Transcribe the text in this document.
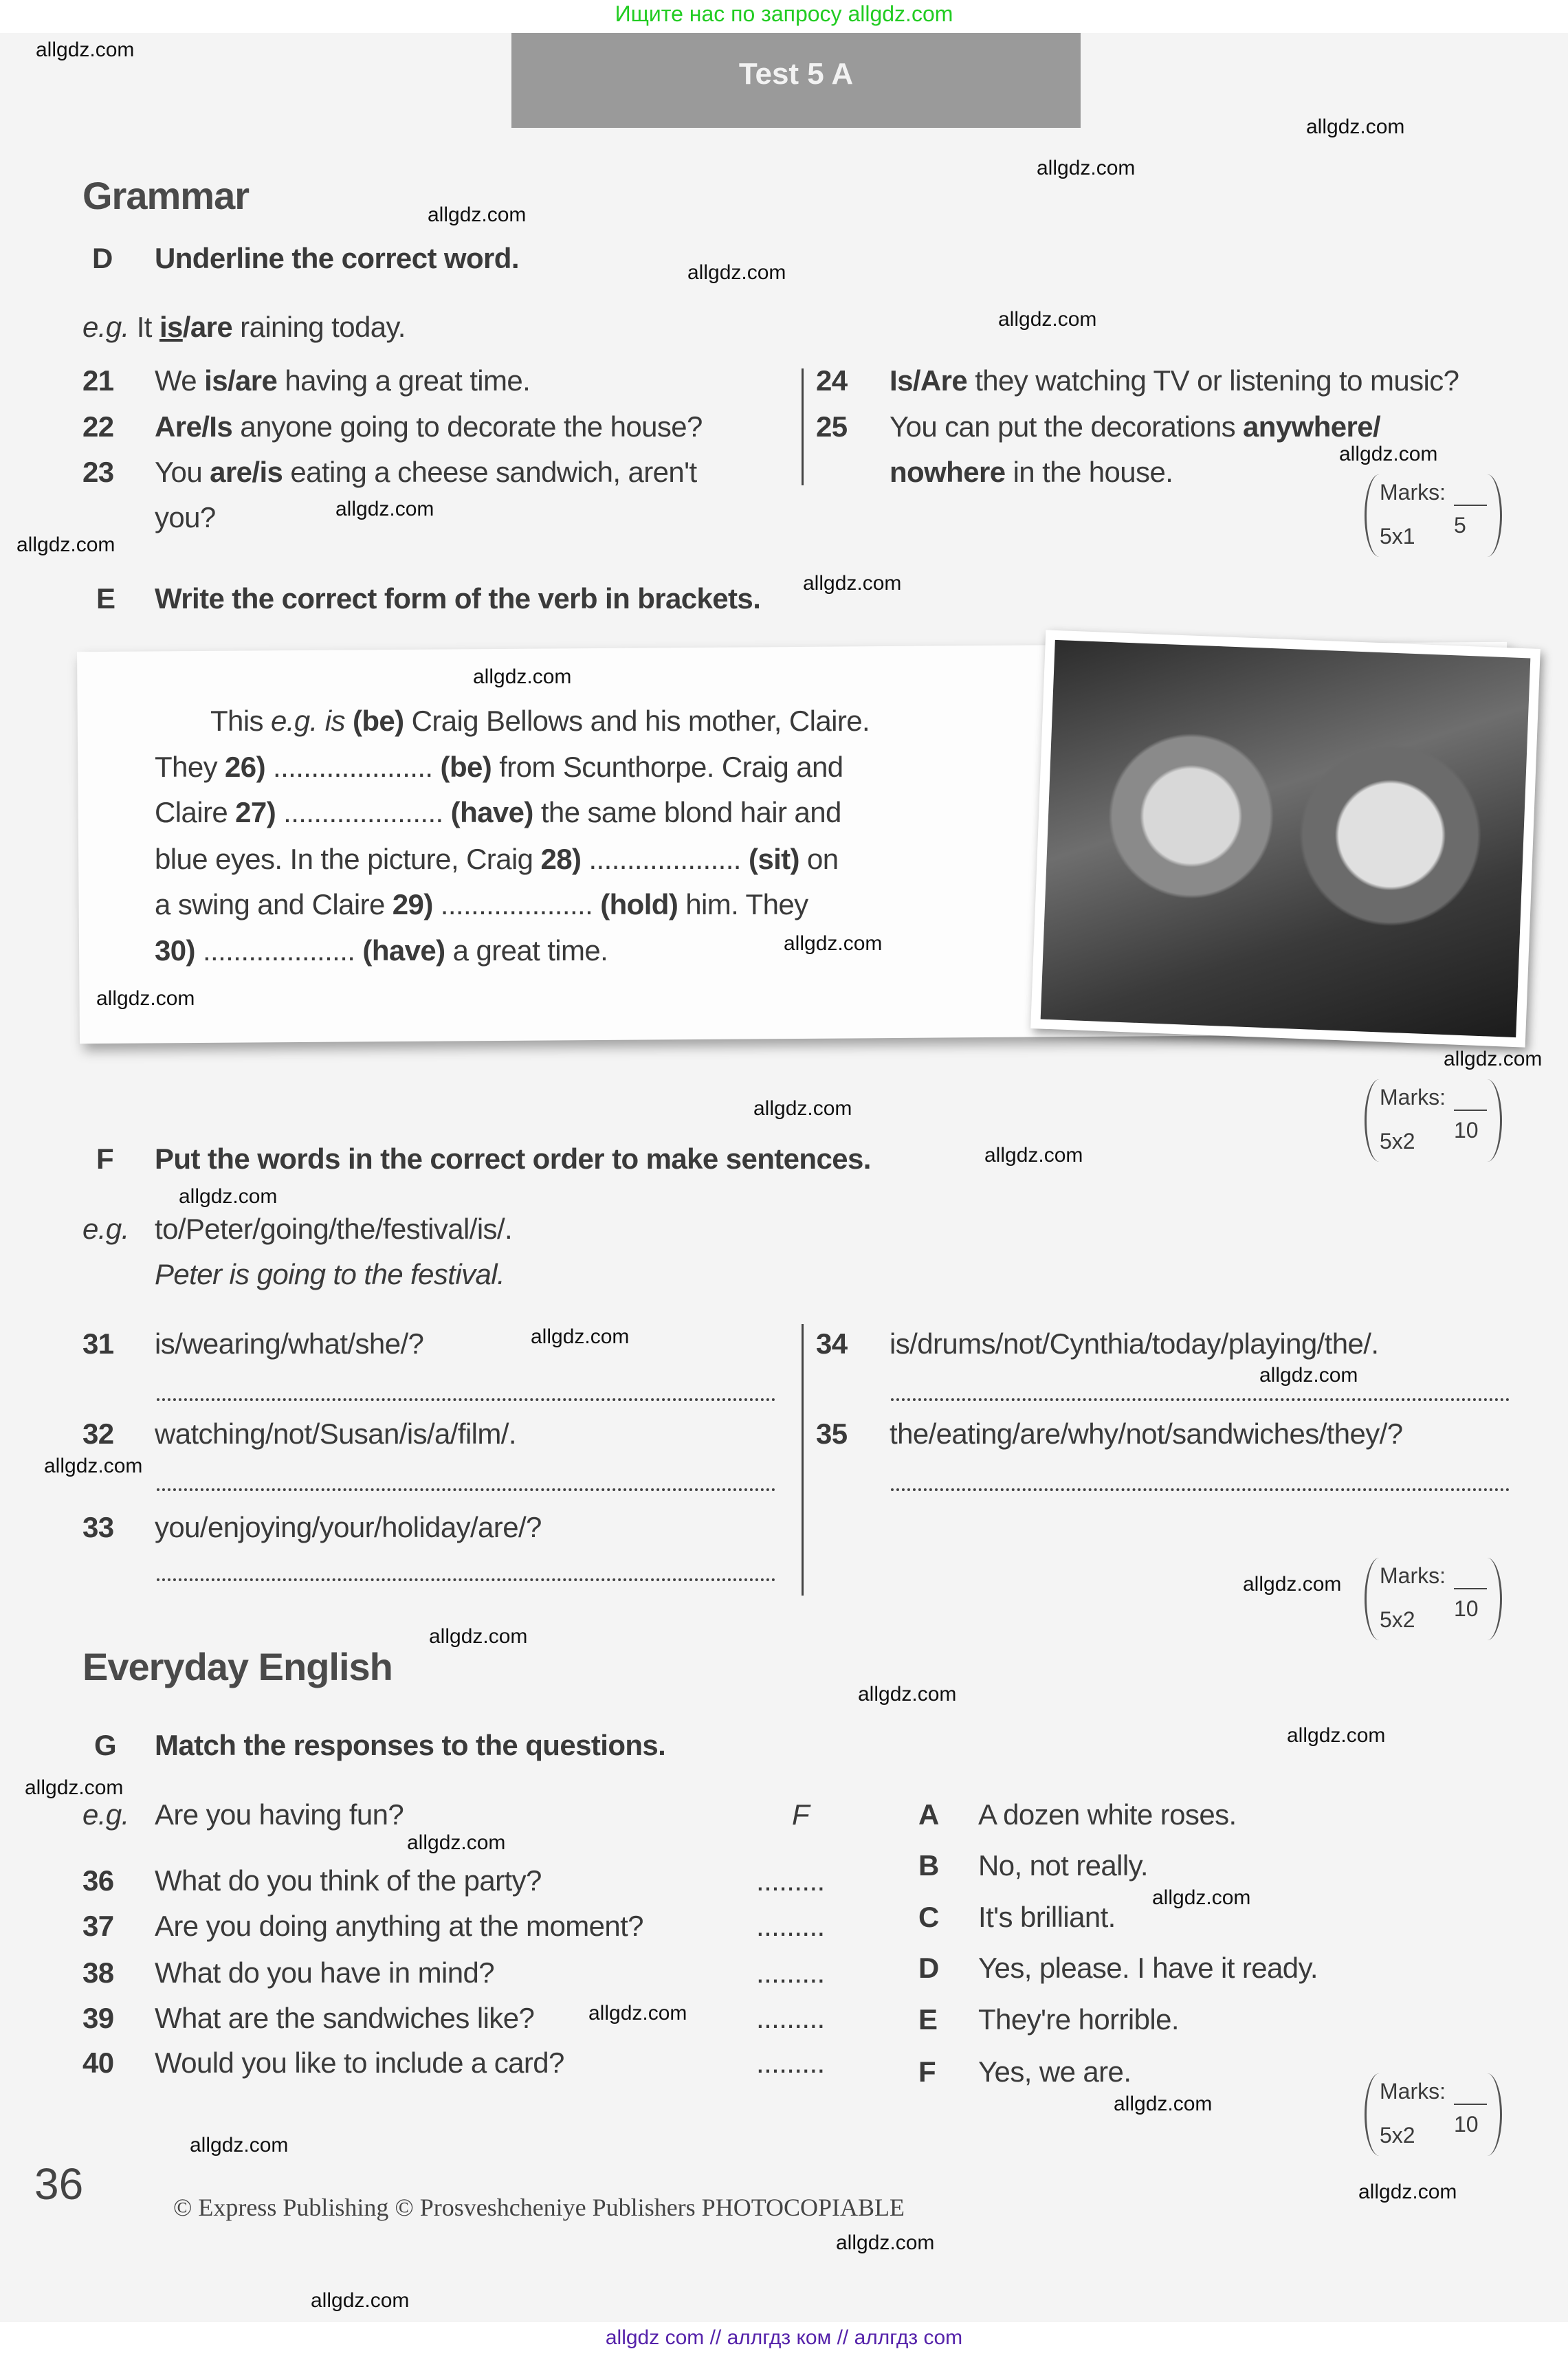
Ищите нас по запросу allgdz.com
Test 5 A
Grammar
D Underline the correct word.
e.g. It is/are raining today.
21 We is/are having a great time.
22 Are/Is anyone going to decorate the house?
23 You are/is eating a cheese sandwich, aren't
you?
24 Is/Are they watching TV or listening to music?
25 You can put the decorations anywhere/
nowhere in the house.
Marks:
5
5x1
E Write the correct form of the verb in brackets.
This e.g. is (be) Craig Bellows and his mother, Claire.
They 26) ..................... (be) from Scunthorpe. Craig and
Claire 27) ..................... (have) the same blond hair and
blue eyes. In the picture, Craig 28) .................... (sit) on
a swing and Claire 29) .................... (hold) him. They
30) .................... (have) a great time.
Marks:
10
5x2
F Put the words in the correct order to make sentences.
e.g. to/Peter/going/the/festival/is/.
Peter is going to the festival.
31 is/wearing/what/she/?
32 watching/not/Susan/is/a/film/.
33 you/enjoying/your/holiday/are/?
34 is/drums/not/Cynthia/today/playing/the/.
35 the/eating/are/why/not/sandwiches/they/?
Marks:
10
5x2
Everyday English
G Match the responses to the questions.
e.g. Are you having fun?	F
36 What do you think of the party?	.........
37 Are you doing anything at the moment?	.........
38 What do you have in mind?	.........
39 What are the sandwiches like?	.........
40 Would you like to include a card?	.........
A A dozen white roses.
B No, not really.
C It's brilliant.
D Yes, please. I have it ready.
E They're horrible.
F Yes, we are.
Marks:
10
5x2
36	© Express Publishing © Prosveshcheniye Publishers PHOTOCOPIABLE
allgdz.com
allgdz.com
allgdz.com
allgdz.com
allgdz.com
allgdz.com
allgdz.com
allgdz.com
allgdz.com
allgdz.com
allgdz.com
allgdz.com
allgdz.com
allgdz.com
allgdz.com
allgdz.com
allgdz.com
allgdz.com
allgdz.com
allgdz.com
allgdz.com
allgdz.com
allgdz.com
allgdz.com
allgdz.com
allgdz.com
allgdz.com
allgdz.com
allgdz.com
allgdz.com
allgdz.com
allgdz.com
allgdz.com
allgdz com // аллгдз ком // аллгдз com
